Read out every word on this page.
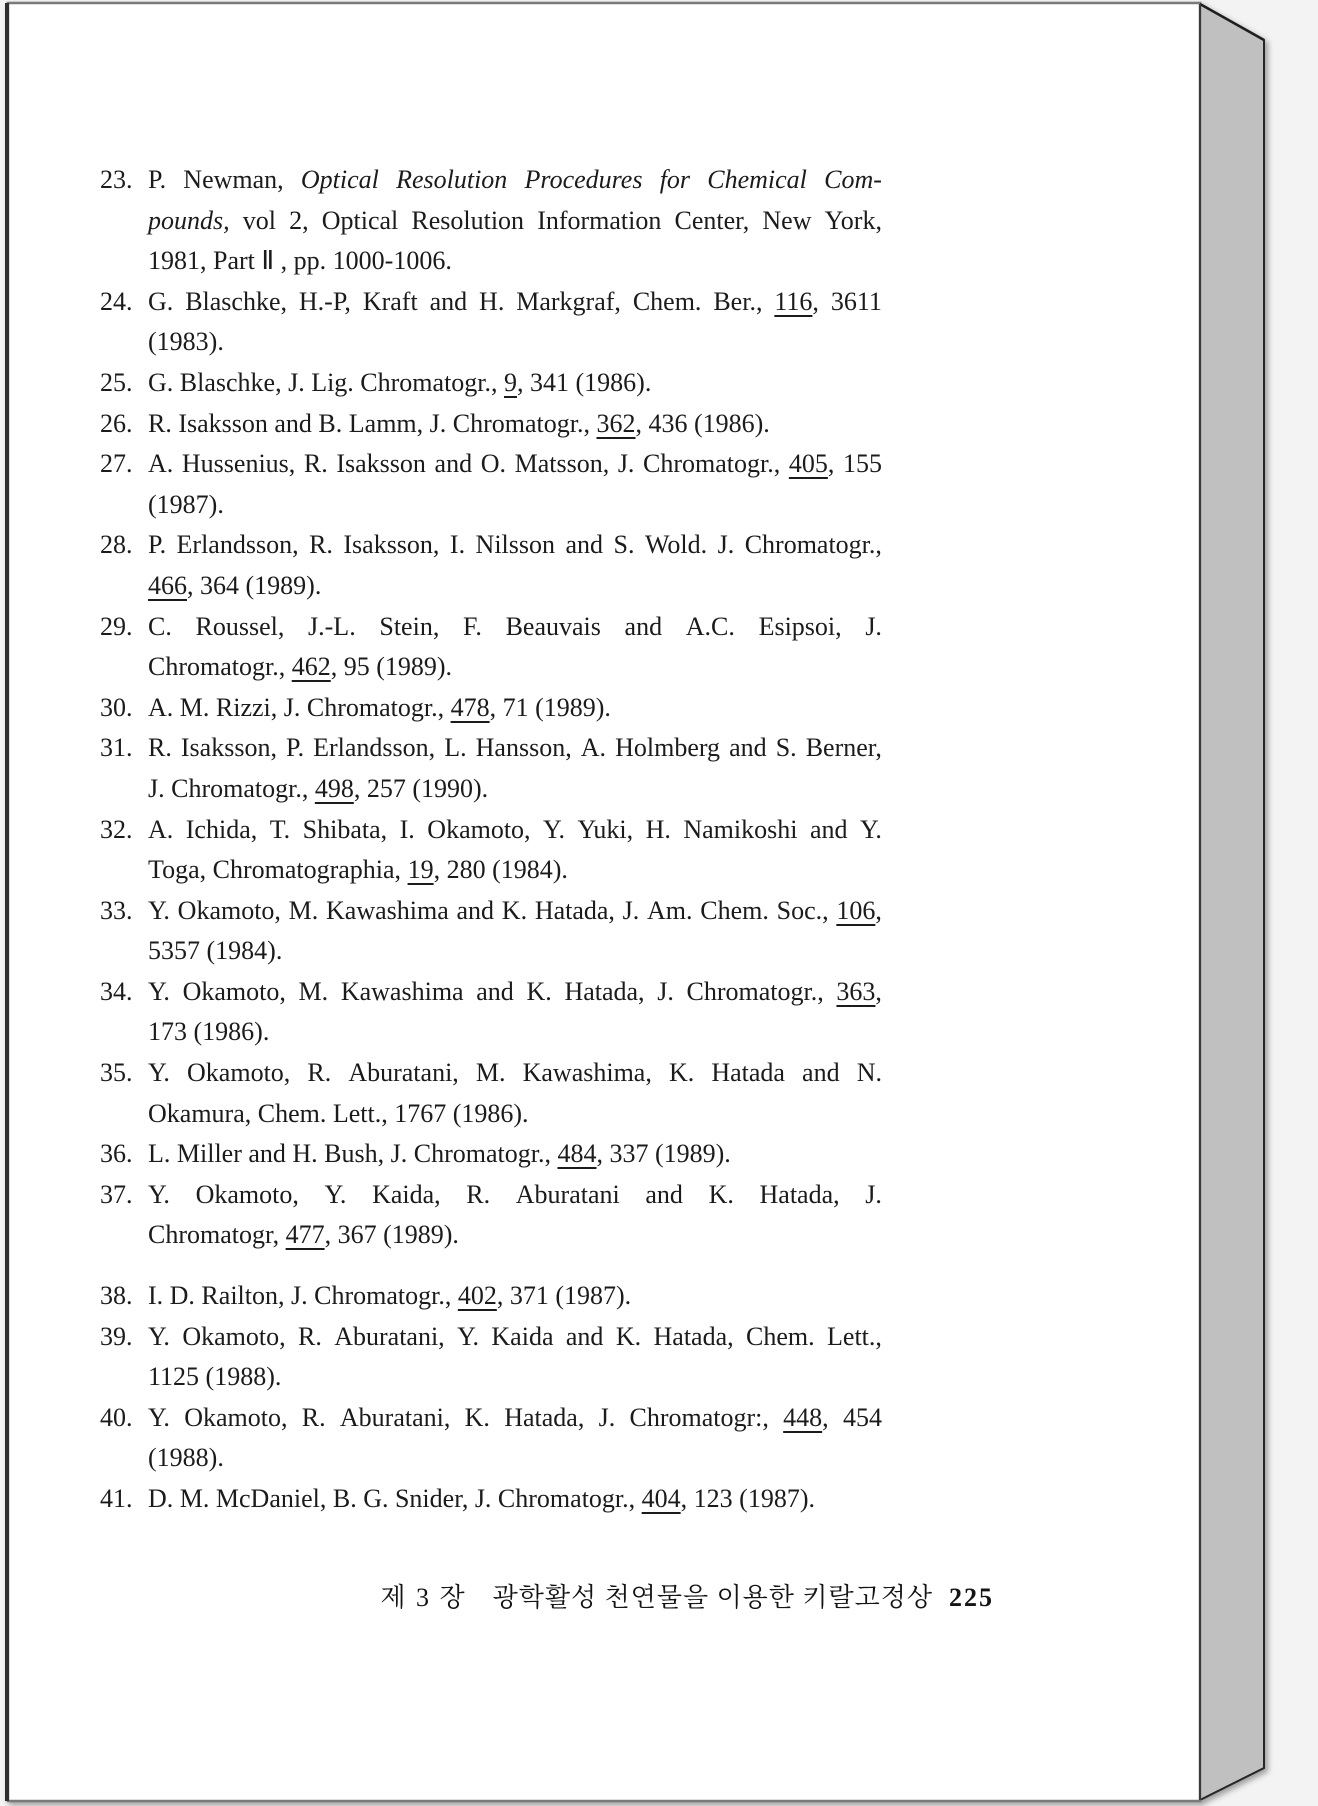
23. P. Newman, Optical Resolution Procedures for Chemical Com-
pounds, vol 2, Optical Resolution Information Center, New York,
1981, Part Ⅱ , pp. 1000-1006.
24. G. Blaschke, H.-P, Kraft and H. Markgraf, Chem. Ber., 116, 3611
(1983).
25. G. Blaschke, J. Lig. Chromatogr., 9, 341 (1986).
26. R. Isaksson and B. Lamm, J. Chromatogr., 362, 436 (1986).
27. A. Hussenius, R. Isaksson and O. Matsson, J. Chromatogr., 405, 155
(1987).
28. P. Erlandsson, R. Isaksson, I. Nilsson and S. Wold. J. Chromatogr.,
466, 364 (1989).
29. C. Roussel, J.-L. Stein, F. Beauvais and A.C. Esipsoi, J.
Chromatogr., 462, 95 (1989).
30. A. M. Rizzi, J. Chromatogr., 478, 71 (1989).
31. R. Isaksson, P. Erlandsson, L. Hansson, A. Holmberg and S. Berner,
J. Chromatogr., 498, 257 (1990).
32. A. Ichida, T. Shibata, I. Okamoto, Y. Yuki, H. Namikoshi and Y.
Toga, Chromatographia, 19, 280 (1984).
33. Y. Okamoto, M. Kawashima and K. Hatada, J. Am. Chem. Soc., 106,
5357 (1984).
34. Y. Okamoto, M. Kawashima and K. Hatada, J. Chromatogr., 363,
173 (1986).
35. Y. Okamoto, R. Aburatani, M. Kawashima, K. Hatada and N.
Okamura, Chem. Lett., 1767 (1986).
36. L. Miller and H. Bush, J. Chromatogr., 484, 337 (1989).
37. Y. Okamoto, Y. Kaida, R. Aburatani and K. Hatada, J.
Chromatogr, 477, 367 (1989).
38. I. D. Railton, J. Chromatogr., 402, 371 (1987).
39. Y. Okamoto, R. Aburatani, Y. Kaida and K. Hatada, Chem. Lett.,
1125 (1988).
40. Y. Okamoto, R. Aburatani, K. Hatada, J. Chromatogr:, 448, 454
(1988).
41. D. M. McDaniel, B. G. Snider, J. Chromatogr., 404, 123 (1987).
제 3 장 광학활성 천연물을 이용한 키랄고정상 225
